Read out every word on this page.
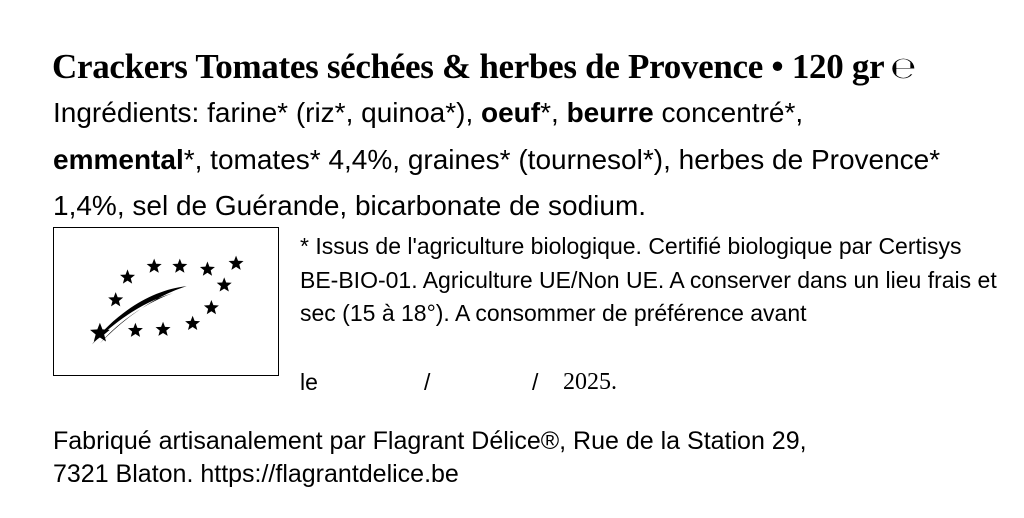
Crackers Tomates séchées & herbes de Provence • 120 gr ℮
Ingrédients: farine* (riz*, quinoa*), oeuf*, beurre concentré*,
emmental*, tomates* 4,4%, graines* (tournesol*), herbes de Provence* 1,4%, sel de Guérande, bicarbonate de sodium.
* Issus de l'agriculture biologique. Certifié biologique par Certisys BE-BIO-01. Agriculture UE/Non UE. A conserver dans un lieu frais et sec (15 à 18°). A consommer de préférence avant
le	/	/ 2025.
Fabriqué artisanalement par Flagrant Délice®, Rue de la Station 29,
7321 Blaton. https://flagrantdelice.be
